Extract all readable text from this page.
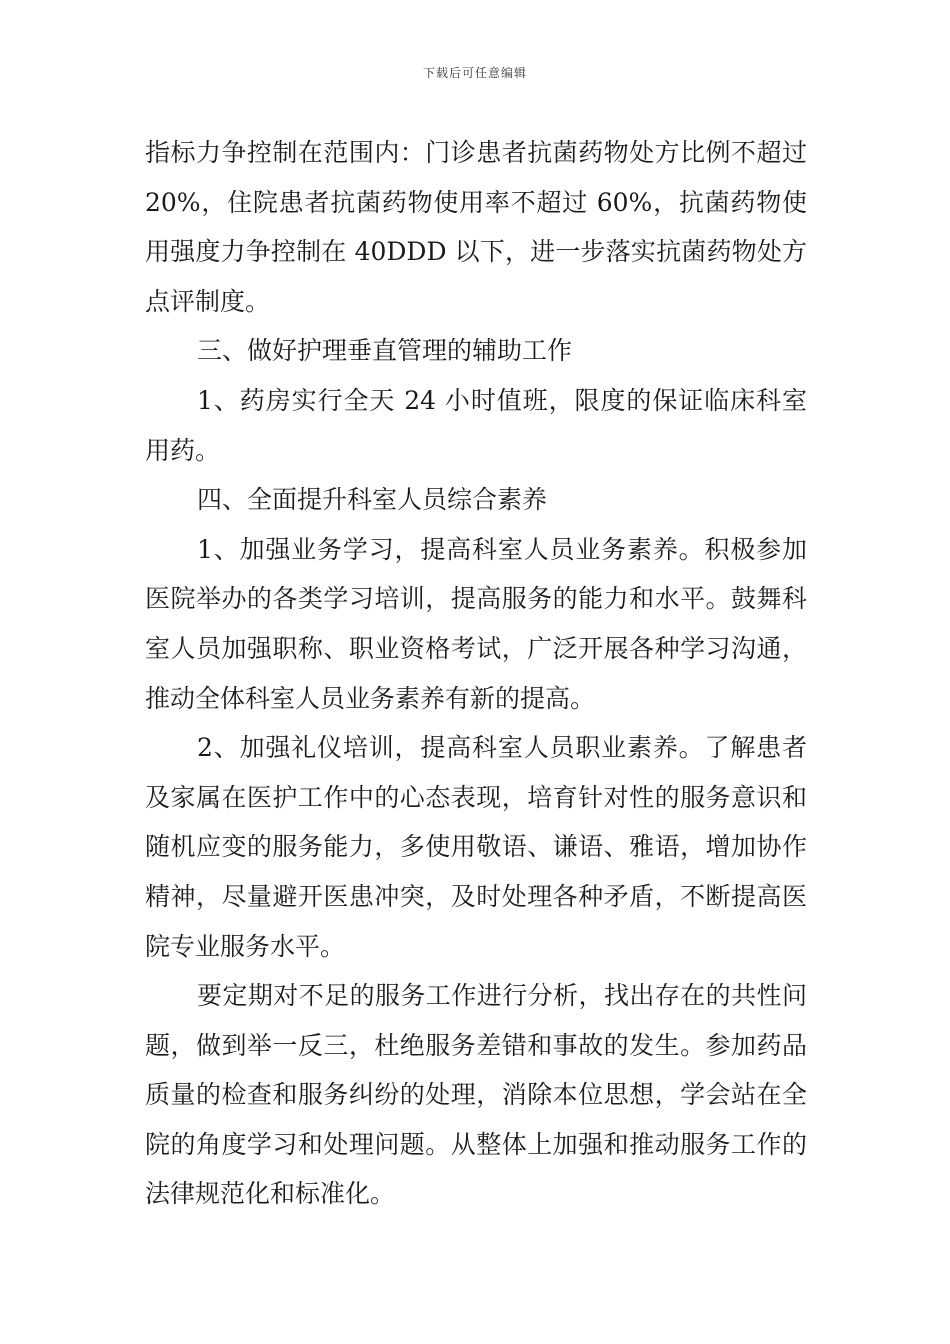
下载后可任意编辑

指标力争控制在范围内：门诊患者抗菌药物处方比例不超过 20%，住院患者抗菌药物使用率不超过 60%，抗菌药物使用强度力争控制在 40DDD 以下，进一步落实抗菌药物处方点评制度。

三、做好护理垂直管理的辅助工作

1、药房实行全天 24 小时值班，限度的保证临床科室用药。

四、全面提升科室人员综合素养

1、加强业务学习，提高科室人员业务素养。积极参加医院举办的各类学习培训，提高服务的能力和水平。鼓舞科室人员加强职称、职业资格考试，广泛开展各种学习沟通，推动全体科室人员业务素养有新的提高。

2、加强礼仪培训，提高科室人员职业素养。了解患者及家属在医护工作中的心态表现，培育针对性的服务意识和随机应变的服务能力，多使用敬语、谦语、雅语，增加协作精神，尽量避开医患冲突，及时处理各种矛盾，不断提高医院专业服务水平。

要定期对不足的服务工作进行分析，找出存在的共性问题，做到举一反三，杜绝服务差错和事故的发生。参加药品质量的检查和服务纠纷的处理，消除本位思想，学会站在全院的角度学习和处理问题。从整体上加强和推动服务工作的法律规范化和标准化。
